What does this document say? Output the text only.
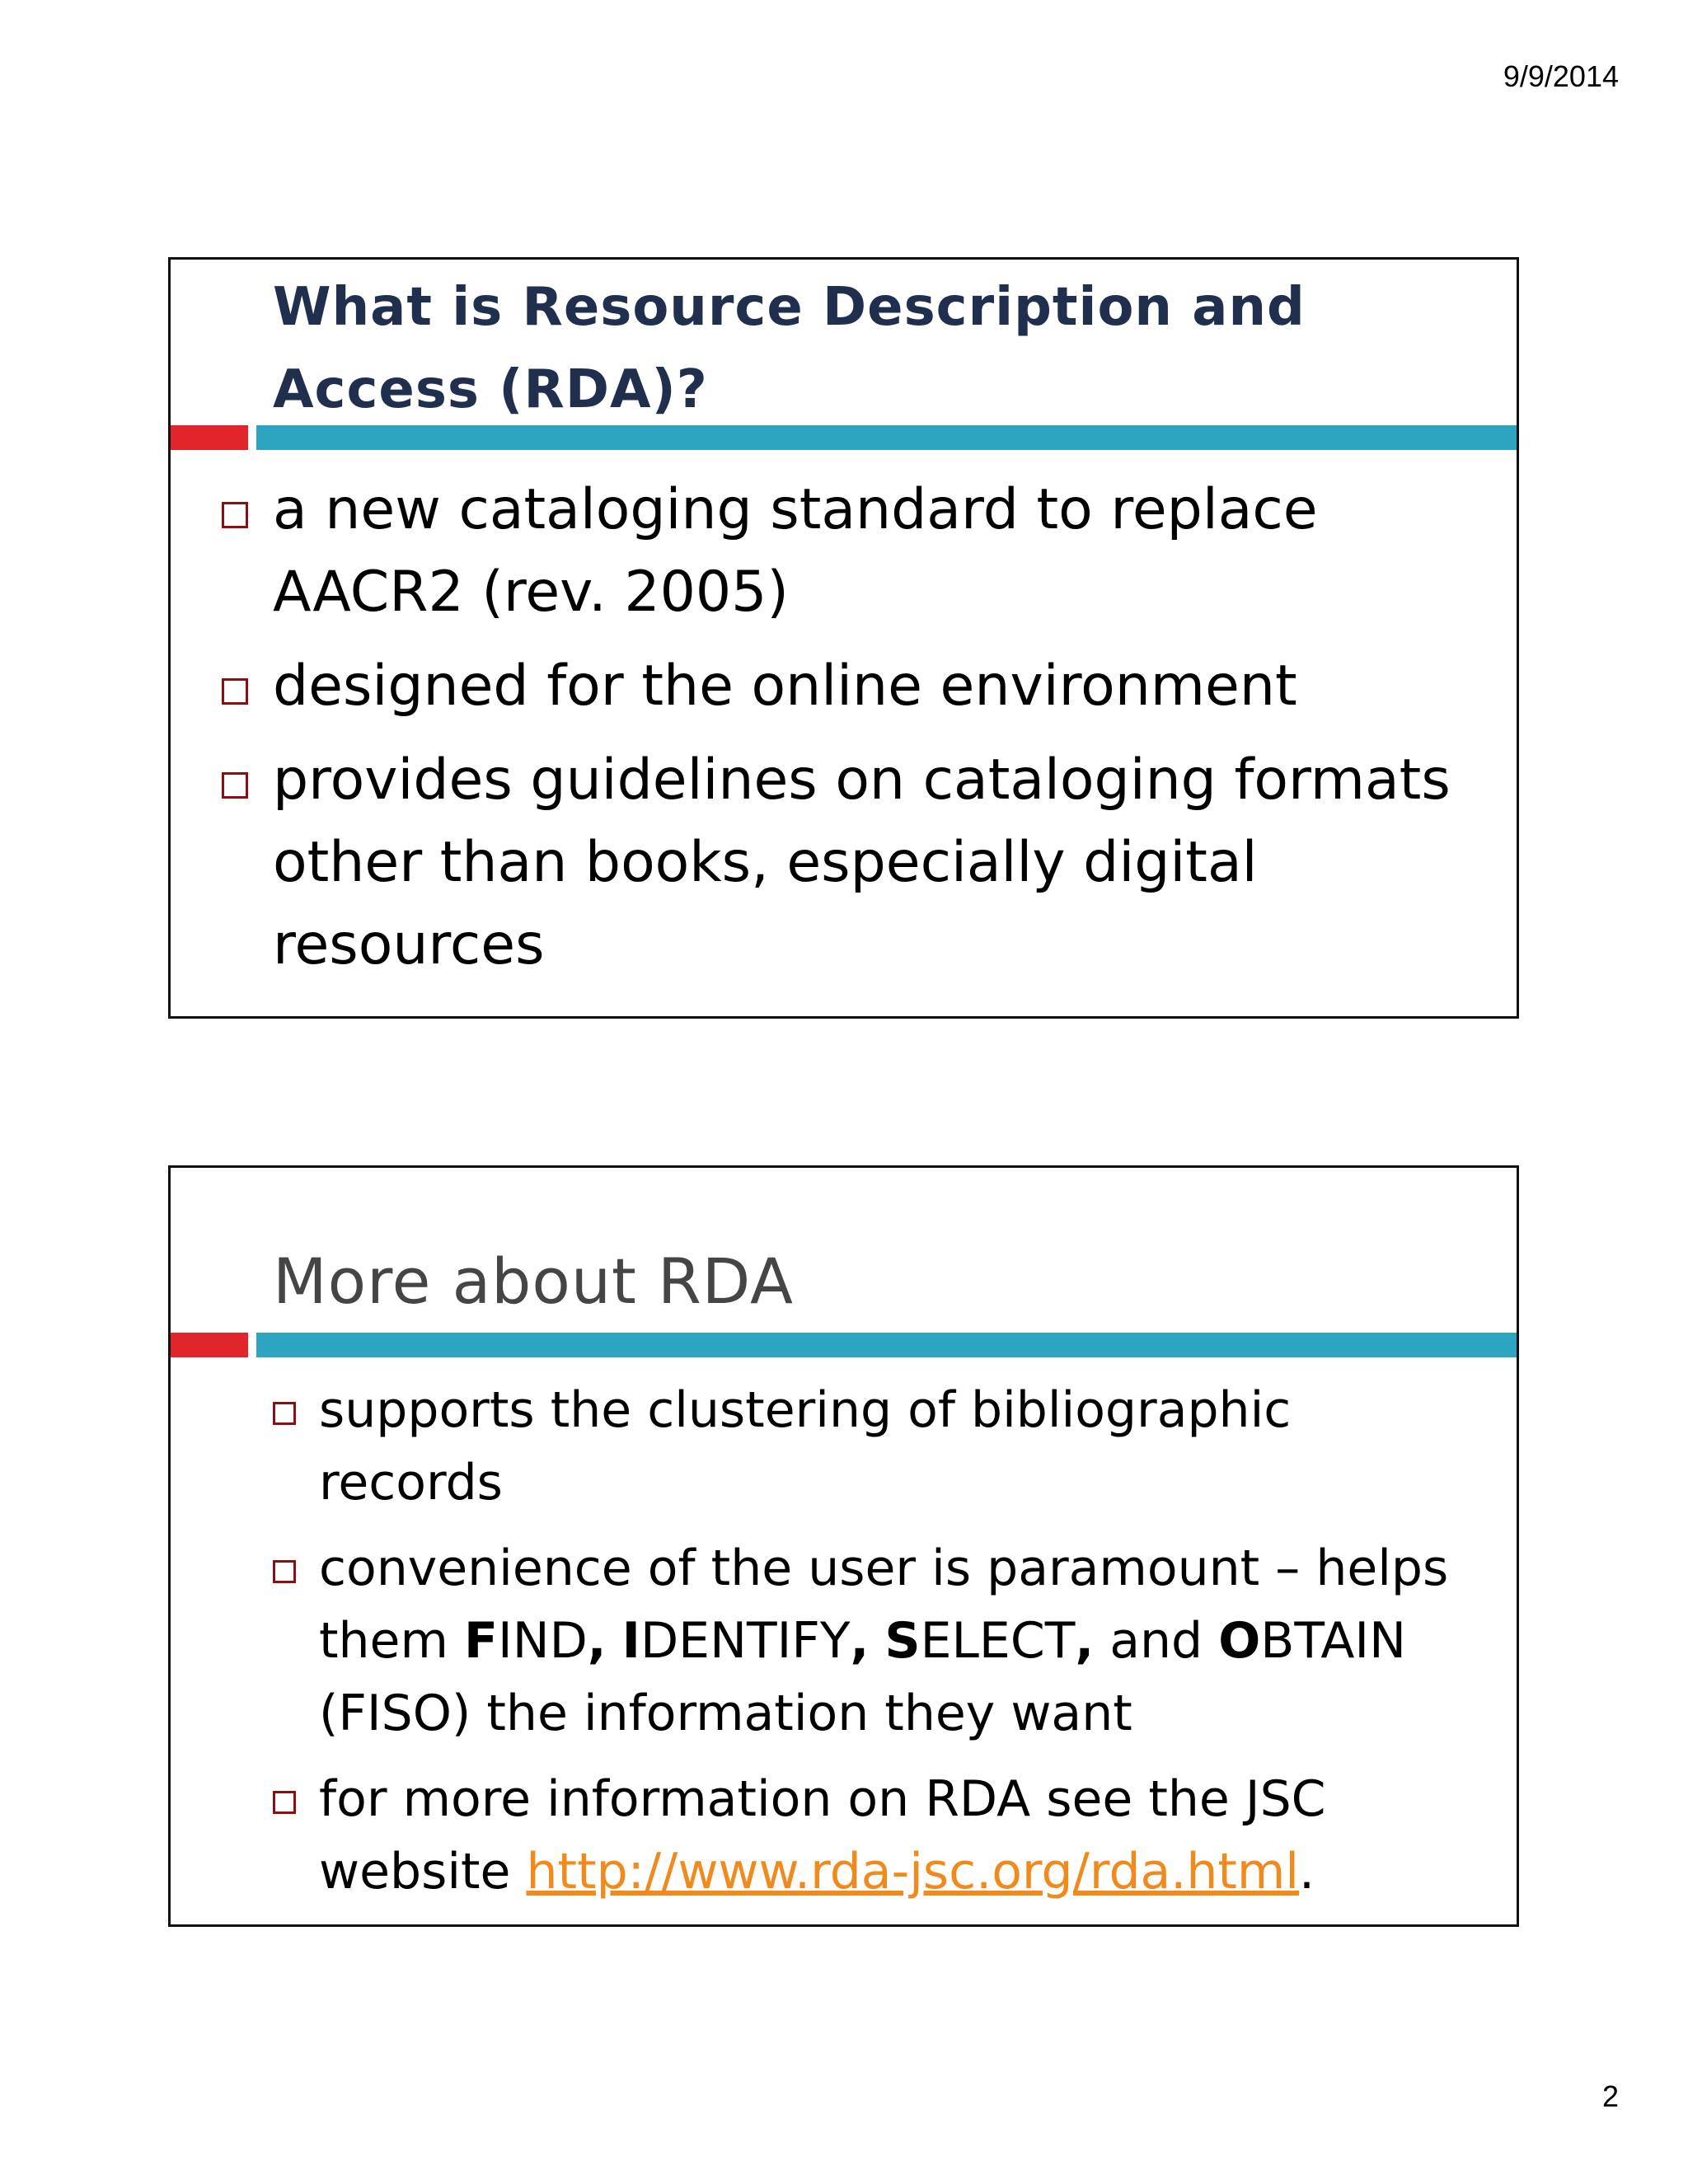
9/9/2014
What is Resource Description and Access (RDA)?
a new cataloging standard to replace AACR2 (rev. 2005)
designed for the online environment
provides guidelines on cataloging formats other than books, especially digital resources
More about RDA
supports the clustering of bibliographic records
convenience of the user is paramount – helps them FIND, IDENTIFY, SELECT, and OBTAIN (FISO) the information they want
for more information on RDA see the JSC website http://www.rda-jsc.org/rda.html.
2
